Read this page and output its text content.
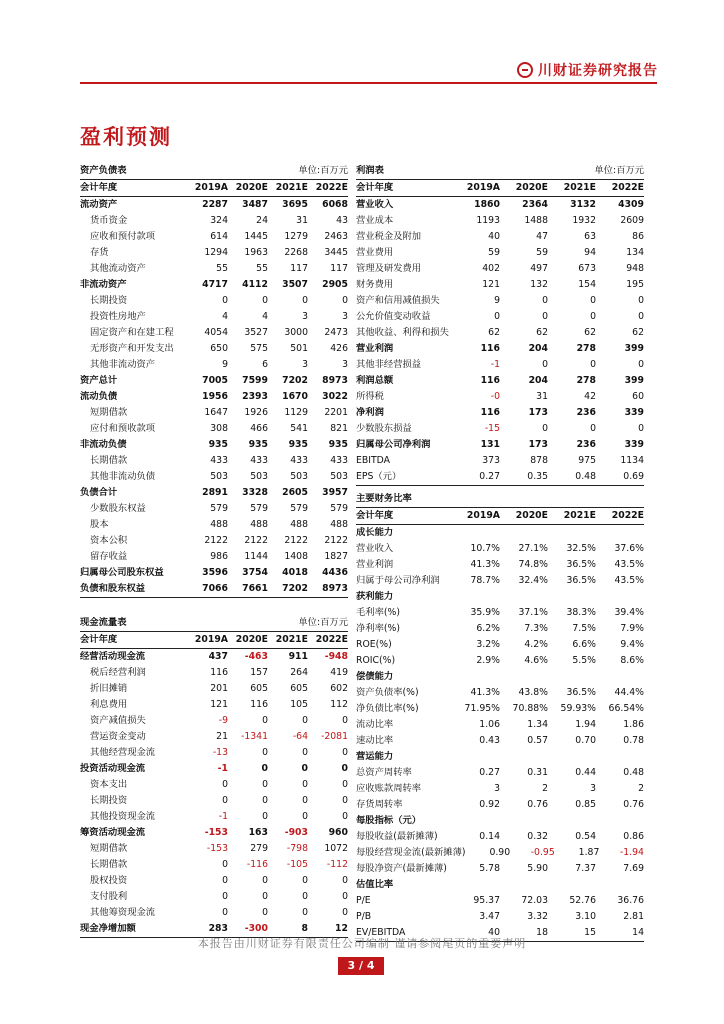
川财证券研究报告
盈利预测
资产负债表	单位:百万元
会计年度	2019A 2020E 2021E 2022E
流动资产	2287	3487	3695	6068
货币资金	324	24	31	43
应收和预付款项	614	1445	1279	2463
存货	1294	1963	2268	3445
其他流动资产	55	55	117	117
非流动资产	4717	4112	3507	2905
长期投资	0	0	0	0
投资性房地产	4	4	3	3
固定资产和在建工程	4054	3527	3000	2473
无形资产和开发支出	650	575	501	426
其他非流动资产	9	6	3	3
资产总计	7005	7599	7202	8973
流动负债	1956	2393	1670	3022
短期借款	1647	1926	1129	2201
应付和预收款项	308	466	541	821
非流动负债	935	935	935	935
长期借款	433	433	433	433
其他非流动负债	503	503	503	503
负债合计	2891	3328	2605	3957
少数股东权益	579	579	579	579
股本	488	488	488	488
资本公积	2122	2122	2122	2122
留存收益	986	1144	1408	1827
归属母公司股东权益	3596	3754	4018	4436
负债和股东权益	7066	7661	7202	8973
利润表	单位:百万元
会计年度	2019A	2020E	2021E	2022E
营业收入	1860	2364	3132	4309
营业成本	1193	1488	1932	2609
营业税金及附加	40	47	63	86
营业费用	59	59	94	134
管理及研发费用	402	497	673	948
财务费用	121	132	154	195
资产和信用减值损失	9	0	0	0
公允价值变动收益	0	0	0	0
其他收益、利得和损失	62	62	62	62
营业利润	116	204	278	399
其他非经营损益	-1	0	0	0
利润总额	116	204	278	399
所得税	-0	31	42	60
净利润	116	173	236	339
少数股东损益	-15	0	0	0
归属母公司净利润	131	173	236	339
EBITDA	373	878	975	1134
EPS（元）	0.27	0.35	0.48	0.69
主要财务比率
会计年度	2019A	2020E	2021E	2022E
成长能力
营业收入	10.7%	27.1%	32.5%	37.6%
营业利润	41.3%	74.8%	36.5%	43.5%
归属于母公司净利润	78.7%	32.4%	36.5%	43.5%
获利能力
毛利率(%)	35.9%	37.1%	38.3%	39.4%
净利率(%)	6.2%	7.3%	7.5%	7.9%
ROE(%)	3.2%	4.2%	6.6%	9.4%
ROIC(%)	2.9%	4.6%	5.5%	8.6%
偿债能力
资产负债率(%)	41.3%	43.8%	36.5%	44.4%
净负债比率(%)	71.95%	70.88%	59.93%	66.54%
流动比率	1.06	1.34	1.94	1.86
速动比率	0.43	0.57	0.70	0.78
营运能力
总资产周转率	0.27	0.31	0.44	0.48
应收账款周转率	3	2	3	2
存货周转率	0.92	0.76	0.85	0.76
每股指标（元）
每股收益(最新摊薄)	0.14	0.32	0.54	0.86
每股经营现金流(最新摊薄)	0.90	-0.95	1.87	-1.94
每股净资产(最新摊薄)	5.78	5.90	7.37	7.69
估值比率
P/E	95.37	72.03	52.76	36.76
P/B	3.47	3.32	3.10	2.81
EV/EBITDA	40	18	15	14
现金流量表	单位:百万元
会计年度	2019A 2020E 2021E 2022E
经营活动现金流	437	-463	911	-948
税后经营利润	116	157	264	419
折旧摊销	201	605	605	602
利息费用	121	116	105	112
资产减值损失	-9	0	0	0
营运资金变动	21	-1341	-64	-2081
其他经营现金流	-13	0	0	0
投资活动现金流	-1	0	0	0
资本支出	0	0	0	0
长期投资	0	0	0	0
其他投资现金流	-1	0	0	0
筹资活动现金流	-153	163	-903	960
短期借款	-153	279	-798	1072
长期借款	0	-116	-105	-112
股权投资	0	0	0	0
支付股利	0	0	0	0
其他筹资现金流	0	0	0	0
现金净增加额	283	-300	8	12
本报告由川财证券有限责任公司编制 谨请参阅尾页的重要声明
3 / 4
